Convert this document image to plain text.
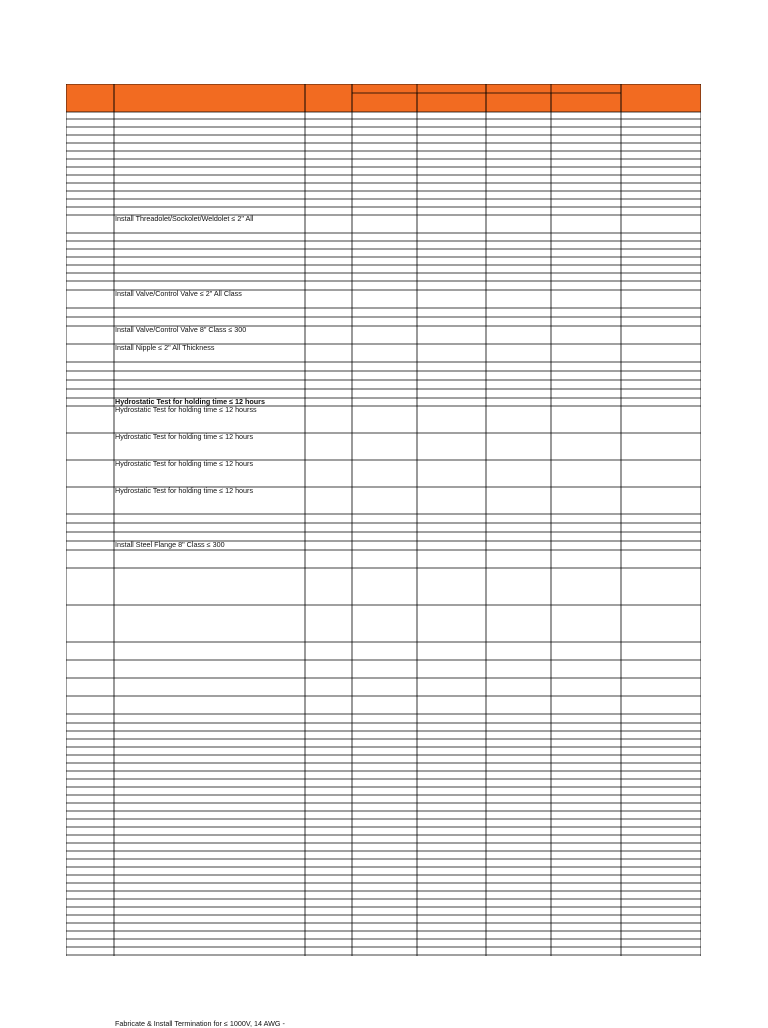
Install Threadolet/Sockolet/Weldolet ≤ 2" All
Install Valve/Control Valve ≤ 2" All Class
Install Valve/Control Valve 8" Class ≤ 300
Install Nipple ≤ 2" All Thickness
Hydrostatic Test for holding time ≤ 12 hours
Hydrostatic Test for holding time ≤ 12 hourss
Hydrostatic Test for holding time ≤ 12 hours
Hydrostatic Test for holding time ≤ 12 hours
Hydrostatic Test for holding time ≤ 12 hours
Install Steel Flange 8" Class ≤ 300
Fabricate & Install Termination for ≤ 1000V, 14 AWG -
